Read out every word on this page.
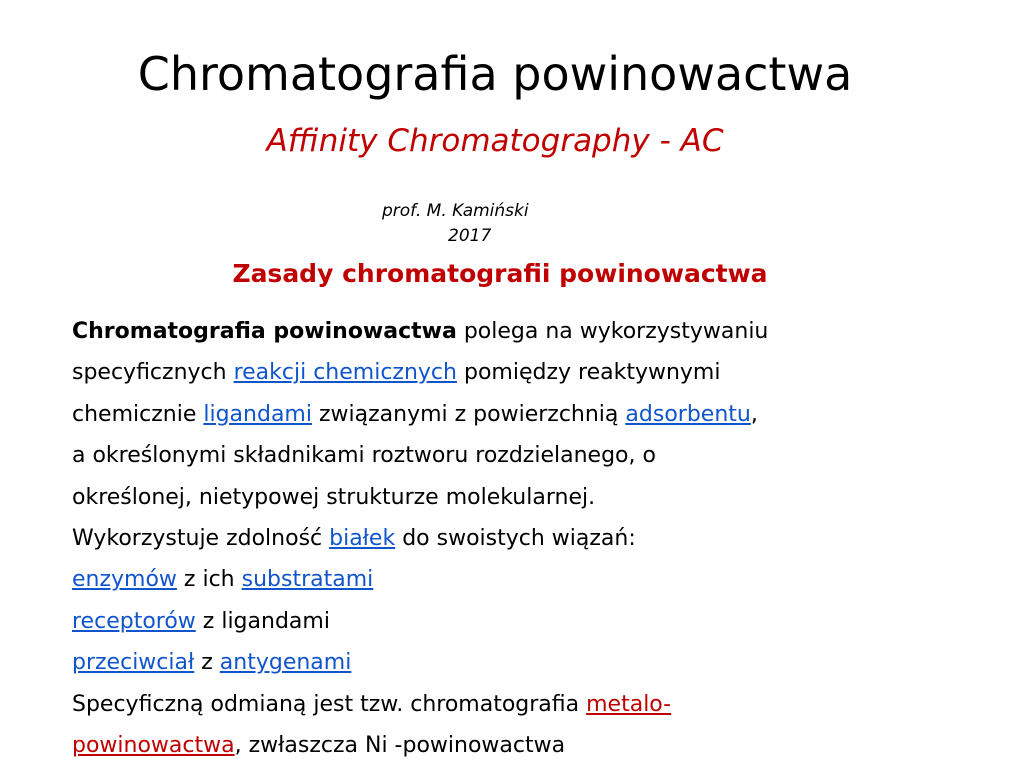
Chromatografia powinowactwa
Affinity Chromatography - AC
prof. M. Kamiński
2017
Zasady chromatografii powinowactwa
Chromatografia powinowactwa polega na wykorzystywaniu
specyficznych reakcji chemicznych pomiędzy reaktywnymi
chemicznie ligandami związanymi z powierzchnią adsorbentu,
a określonymi składnikami roztworu rozdzielanego, o
określonej, nietypowej strukturze molekularnej.
Wykorzystuje zdolność białek do swoistych wiązań:
enzymów z ich substratami
receptorów z ligandami
przeciwciał z antygenami
Specyficzną odmianą jest tzw. chromatografia metalo-
powinowactwa, zwłaszcza Ni -powinowactwa
